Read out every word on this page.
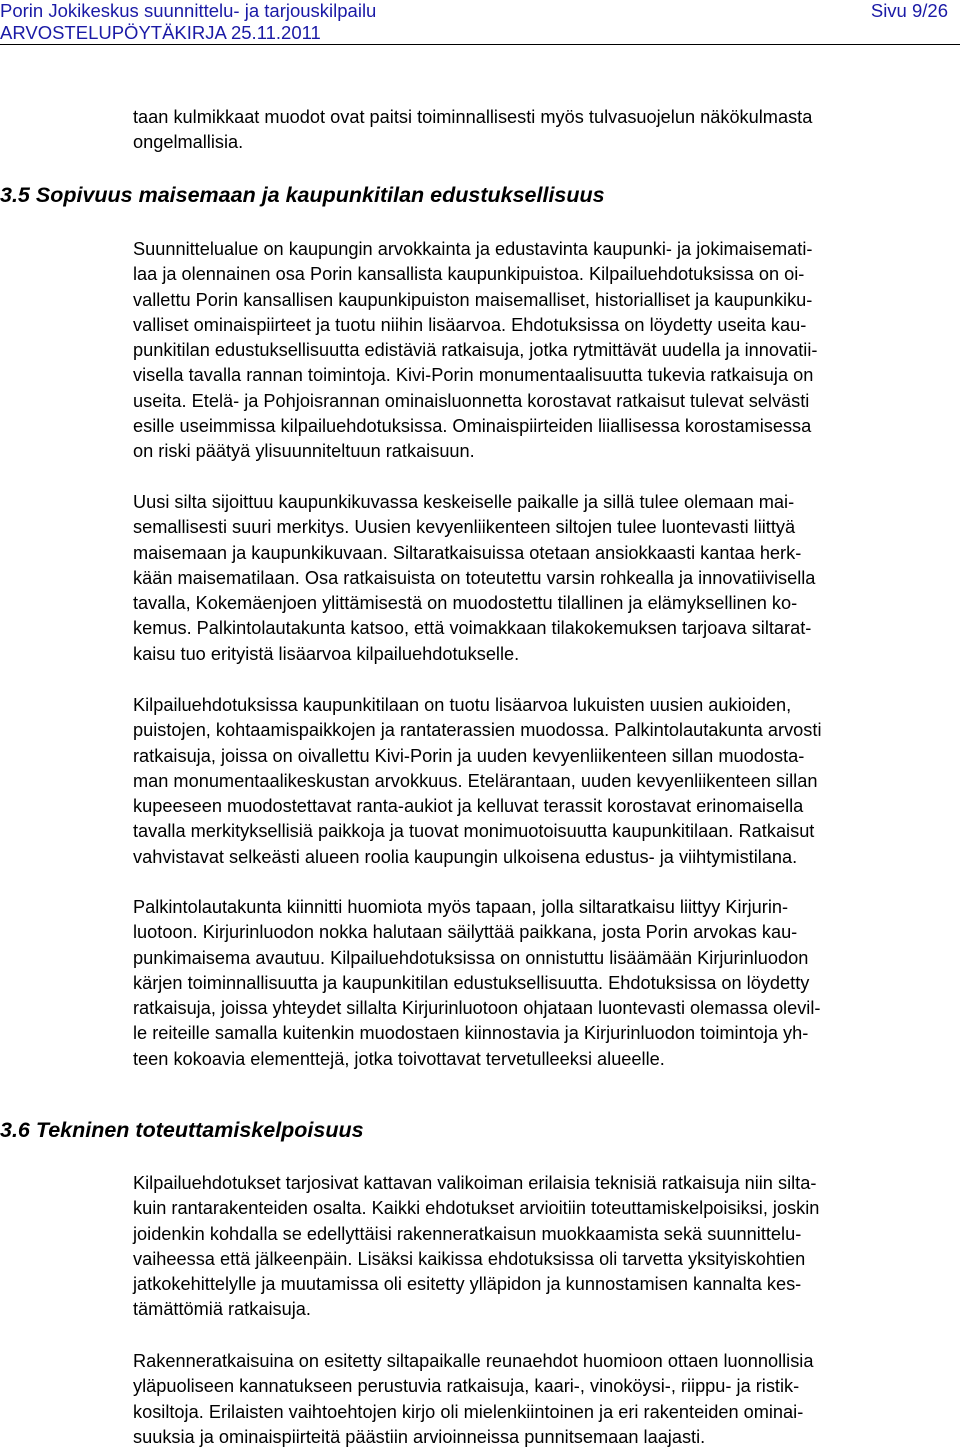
Porin Jokikeskus suunnittelu- ja tarjouskilpailu
ARVOSTELUPÖYTÄKIRJA 25.11.2011
Sivu 9/26
taan kulmikkaat muodot ovat paitsi toiminnallisesti myös tulvasuojelun näkökulmasta
ongelmallisia.
3.5 Sopivuus maisemaan ja kaupunkitilan edustuksellisuus
Suunnittelualue on kaupungin arvokkainta ja edustavinta kaupunki- ja jokimaisemati-
laa ja olennainen osa Porin kansallista kaupunkipuistoa. Kilpailuehdotuksissa on oi-
vallettu Porin kansallisen kaupunkipuiston maisemalliset, historialliset ja kaupunkiku-
valliset ominaispiirteet ja tuotu niihin lisäarvoa. Ehdotuksissa on löydetty useita kau-
punkitilan edustuksellisuutta edistäviä ratkaisuja, jotka rytmittävät uudella ja innovatii-
visella tavalla rannan toimintoja. Kivi-Porin monumentaalisuutta tukevia ratkaisuja on
useita. Etelä- ja Pohjoisrannan ominaisluonnetta korostavat ratkaisut tulevat selvästi
esille useimmissa kilpailuehdotuksissa. Ominaispiirteiden liiallisessa korostamisessa
on riski päätyä ylisuunniteltuun ratkaisuun.
Uusi silta sijoittuu kaupunkikuvassa keskeiselle paikalle ja sillä tulee olemaan mai-
semallisesti suuri merkitys. Uusien kevyenliikenteen siltojen tulee luontevasti liittyä
maisemaan ja kaupunkikuvaan. Siltaratkaisuissa otetaan ansiokkaasti kantaa herk-
kään maisematilaan. Osa ratkaisuista on toteutettu varsin rohkealla ja innovatiivisella
tavalla, Kokemäenjoen ylittämisestä on muodostettu tilallinen ja elämyksellinen ko-
kemus. Palkintolautakunta katsoo, että voimakkaan tilakokemuksen tarjoava siltarat-
kaisu tuo erityistä lisäarvoa kilpailuehdotukselle.
Kilpailuehdotuksissa kaupunkitilaan on tuotu lisäarvoa lukuisten uusien aukioiden,
puistojen, kohtaamispaikkojen ja rantaterassien muodossa. Palkintolautakunta arvosti
ratkaisuja, joissa on oivallettu Kivi-Porin ja uuden kevyenliikenteen sillan muodosta-
man monumentaalikeskustan arvokkuus. Etelärantaan, uuden kevyenliikenteen sillan
kupeeseen muodostettavat ranta-aukiot ja kelluvat terassit korostavat erinomaisella
tavalla merkityksellisiä paikkoja ja tuovat monimuotoisuutta kaupunkitilaan. Ratkaisut
vahvistavat selkeästi alueen roolia kaupungin ulkoisena edustus- ja viihtymistilana.
Palkintolautakunta kiinnitti huomiota myös tapaan, jolla siltaratkaisu liittyy Kirjurin-
luotoon. Kirjurinluodon nokka halutaan säilyttää paikkana, josta Porin arvokas kau-
punkimaisema avautuu. Kilpailuehdotuksissa on onnistuttu lisäämään Kirjurinluodon
kärjen toiminnallisuutta ja kaupunkitilan edustuksellisuutta. Ehdotuksissa on löydetty
ratkaisuja, joissa yhteydet sillalta Kirjurinluotoon ohjataan luontevasti olemassa olevil-
le reiteille samalla kuitenkin muodostaen kiinnostavia ja Kirjurinluodon toimintoja yh-
teen kokoavia elementtejä, jotka toivottavat tervetulleeksi alueelle.
3.6 Tekninen toteuttamiskelpoisuus
Kilpailuehdotukset tarjosivat kattavan valikoiman erilaisia teknisiä ratkaisuja niin silta-
kuin rantarakenteiden osalta. Kaikki ehdotukset arvioitiin toteuttamiskelpoisiksi, joskin
joidenkin kohdalla se edellyttäisi rakenneratkaisun muokkaamista sekä suunnittelu-
vaiheessa että jälkeenpäin. Lisäksi kaikissa ehdotuksissa oli tarvetta yksityiskohtien
jatkokehittelylle ja muutamissa oli esitetty ylläpidon ja kunnostamisen kannalta kes-
tämättömiä ratkaisuja.
Rakenneratkaisuina on esitetty siltapaikalle reunaehdot huomioon ottaen luonnollisia
yläpuoliseen kannatukseen perustuvia ratkaisuja, kaari-, vinoköysi-, riippu- ja ristik-
kosiltoja. Erilaisten vaihtoehtojen kirjo oli mielenkiintoinen ja eri rakenteiden ominai-
suuksia ja ominaispiirteitä päästiin arvioinneissa punnitsemaan laajasti.
